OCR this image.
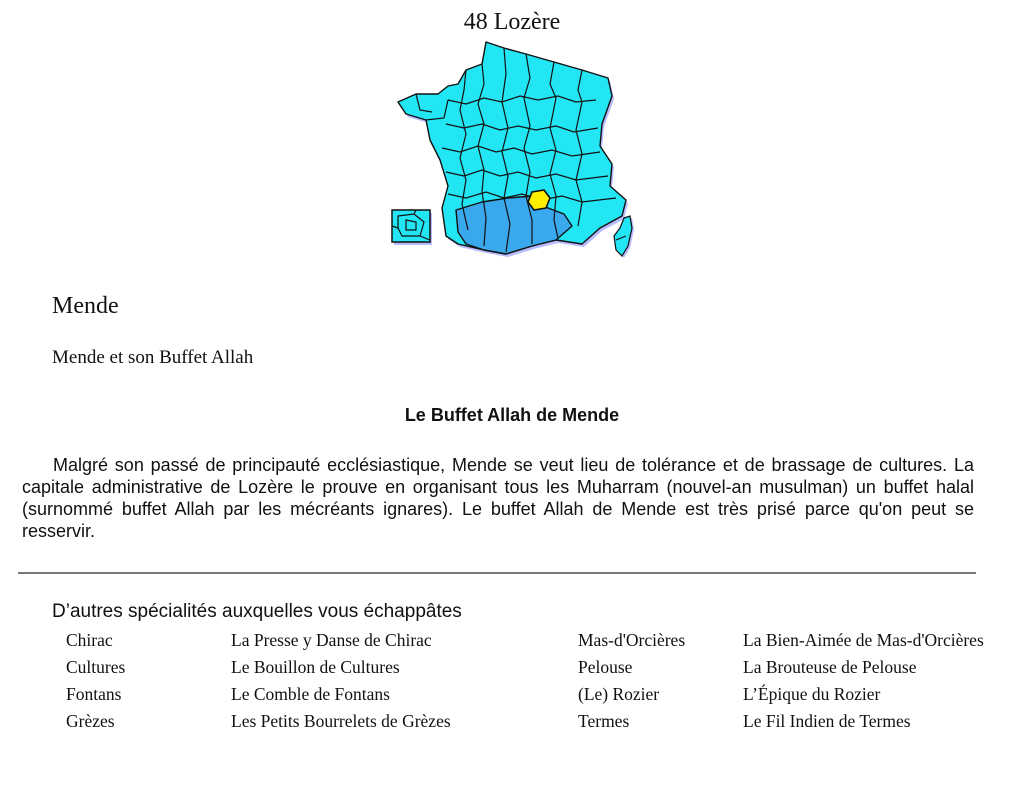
48 Lozère
Mende
Mende et son Buffet Allah
Le Buffet Allah de Mende
Malgré son passé de principauté ecclésiastique, Mende se veut lieu de tolérance et de brassage de cultures. La capitale administrative de Lozère le prouve en organisant tous les Muharram (nouvel-an musulman) un buffet halal (surnommé buffet Allah par les mécréants ignares). Le buffet Allah de Mende est très prisé parce qu'on peut se resservir.
D’autres spécialités auxquelles vous échappâtes
Chirac
Cultures
Fontans
Grèzes
La Presse y Danse de Chirac
Le Bouillon de Cultures
Le Comble de Fontans
Les Petits Bourrelets de Grèzes
Mas-d'Orcières
Pelouse
(Le) Rozier
Termes
La Bien-Aimée de Mas-d'Orcières
La Brouteuse de Pelouse
L’Épique du Rozier
Le Fil Indien de Termes
